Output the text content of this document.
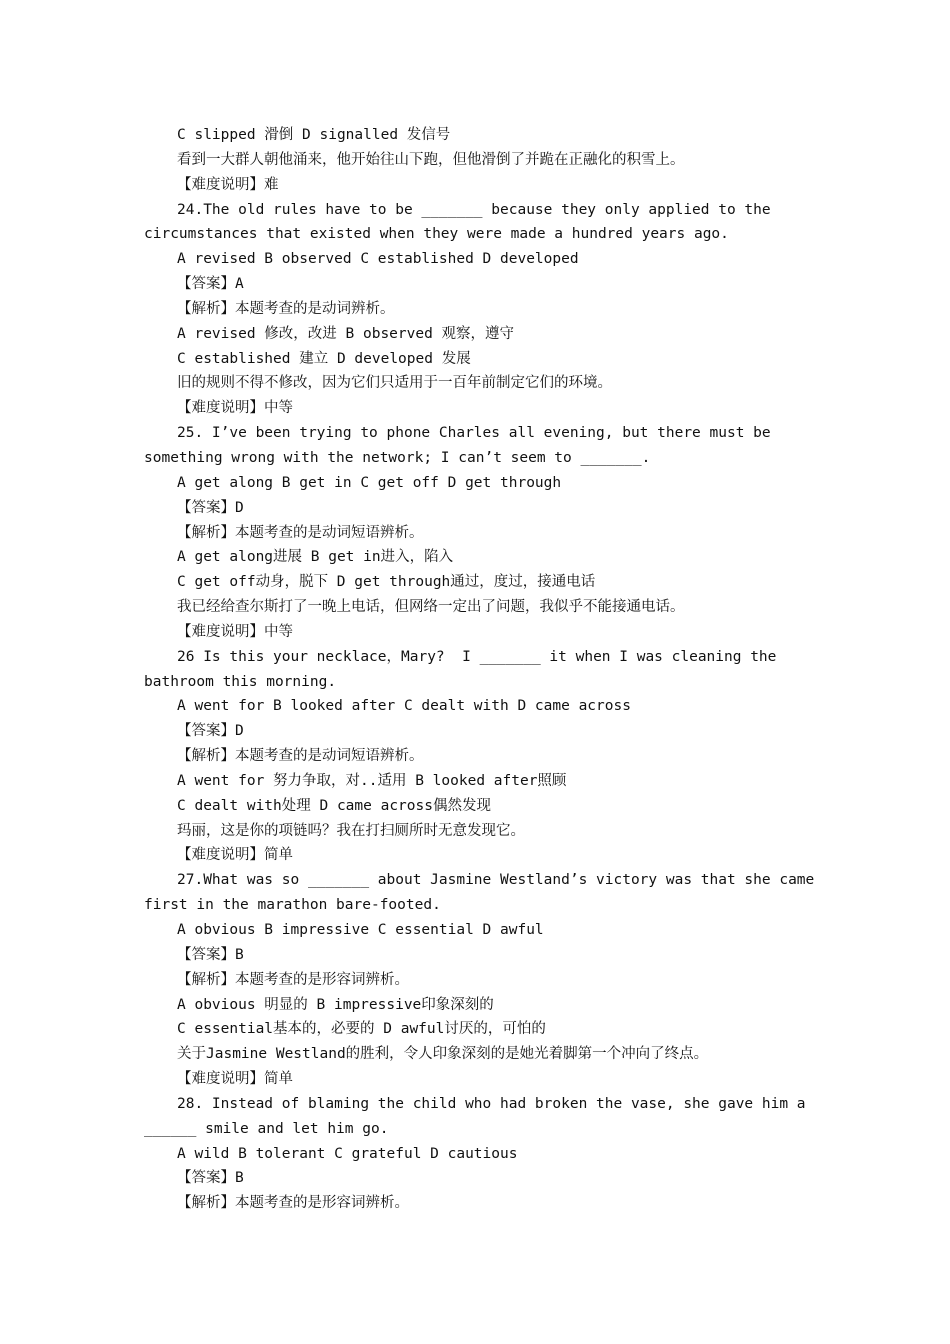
C slipped 滑倒 D signalled 发信号

看到一大群人朝他涌来，他开始往山下跑，但他滑倒了并跪在正融化的积雪上。

【难度说明】难

24.The old rules have to be _______ because they only applied to the

circumstances that existed when they were made a hundred years ago.

A revised B observed C established D developed

【答案】A

【解析】本题考查的是动词辨析。

A revised 修改，改进 B observed 观察，遵守

C established 建立 D developed 发展

旧的规则不得不修改，因为它们只适用于一百年前制定它们的环境。

【难度说明】中等

25. I’ve been trying to phone Charles all evening, but there must be

something wrong with the network; I can’t seem to _______.

A get along B get in C get off D get through

【答案】D

【解析】本题考查的是动词短语辨析。

A get along进展 B get in进入，陷入

C get off动身，脱下 D get through通过，度过，接通电话

我已经给查尔斯打了一晚上电话，但网络一定出了问题，我似乎不能接通电话。

【难度说明】中等

26 Is this your necklace，Mary?  I _______ it when I was cleaning the

bathroom this morning.

A went for B looked after C dealt with D came across

【答案】D

【解析】本题考查的是动词短语辨析。

A went for 努力争取，对..适用 B looked after照顾

C dealt with处理 D came across偶然发现

玛丽，这是你的项链吗？我在打扫厕所时无意发现它。

【难度说明】简单

27.What was so _______ about Jasmine Westland’s victory was that she came

first in the marathon bare-footed.

A obvious B impressive C essential D awful

【答案】B

【解析】本题考查的是形容词辨析。

A obvious 明显的 B impressive印象深刻的

C essential基本的，必要的 D awful讨厌的，可怕的

关于Jasmine Westland的胜利，令人印象深刻的是她光着脚第一个冲向了终点。

【难度说明】简单

28. Instead of blaming the child who had broken the vase, she gave him a

______ smile and let him go.

A wild B tolerant C grateful D cautious

【答案】B

【解析】本题考查的是形容词辨析。
